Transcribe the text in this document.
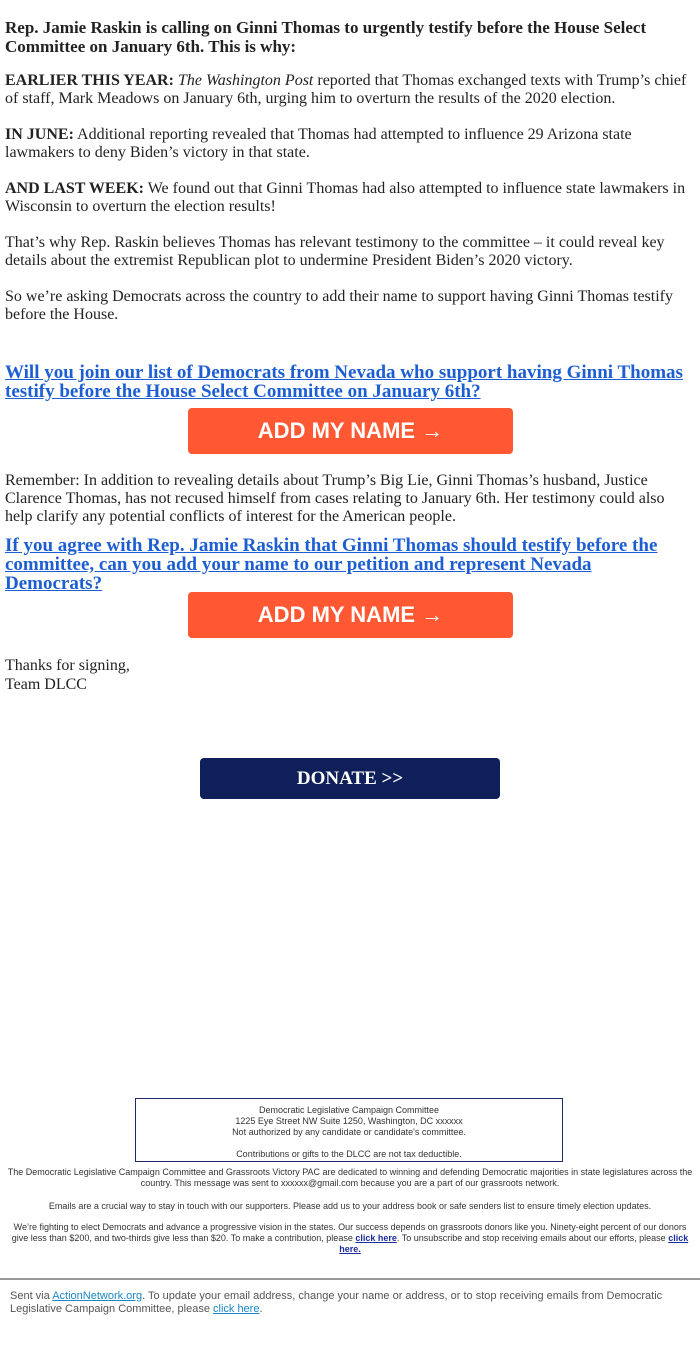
Rep. Jamie Raskin is calling on Ginni Thomas to urgently testify before the House Select Committee on January 6th. This is why:

EARLIER THIS YEAR: The Washington Post reported that Thomas exchanged texts with Trump’s chief of staff, Mark Meadows on January 6th, urging him to overturn the results of the 2020 election.

IN JUNE: Additional reporting revealed that Thomas had attempted to influence 29 Arizona state lawmakers to deny Biden’s victory in that state.

AND LAST WEEK: We found out that Ginni Thomas had also attempted to influence state lawmakers in Wisconsin to overturn the election results!

That’s why Rep. Raskin believes Thomas has relevant testimony to the committee – it could reveal key details about the extremist Republican plot to undermine President Biden’s 2020 victory.

So we’re asking Democrats across the country to add their name to support having Ginni Thomas testify before the House.

Will you join our list of Democrats from Nevada who support having Ginni Thomas testify before the House Select Committee on January 6th?
ADD MY NAME →

Remember: In addition to revealing details about Trump’s Big Lie, Ginni Thomas’s husband, Justice Clarence Thomas, has not recused himself from cases relating to January 6th. Her testimony could also help clarify any potential conflicts of interest for the American people.

If you agree with Rep. Jamie Raskin that Ginni Thomas should testify before the committee, can you add your name to our petition and represent Nevada Democrats?
ADD MY NAME →

Thanks for signing,

Team DLCC

DONATE >>
Democratic Legislative Campaign Committee
1225 Eye Street NW Suite 1250, Washington, DC xxxxxx
Not authorized by any candidate or candidate's committee.
Contributions or gifts to the DLCC are not tax deductible.

The Democratic Legislative Campaign Committee and Grassroots Victory PAC are dedicated to winning and defending Democratic majorities in state legislatures across the country. This message was sent to xxxxxx@gmail.com because you are a part of our grassroots network.

Emails are a crucial way to stay in touch with our supporters. Please add us to your address book or safe senders list to ensure timely election updates.

We’re fighting to elect Democrats and advance a progressive vision in the states. Our success depends on grassroots donors like you. Ninety-eight percent of our donors give less than $200, and two-thirds give less than $20. To make a contribution, please click here. To unsubscribe and stop receiving emails about our efforts, please click here.

Sent via ActionNetwork.org. To update your email address, change your name or address, or to stop receiving emails from Democratic Legislative Campaign Committee, please click here.
